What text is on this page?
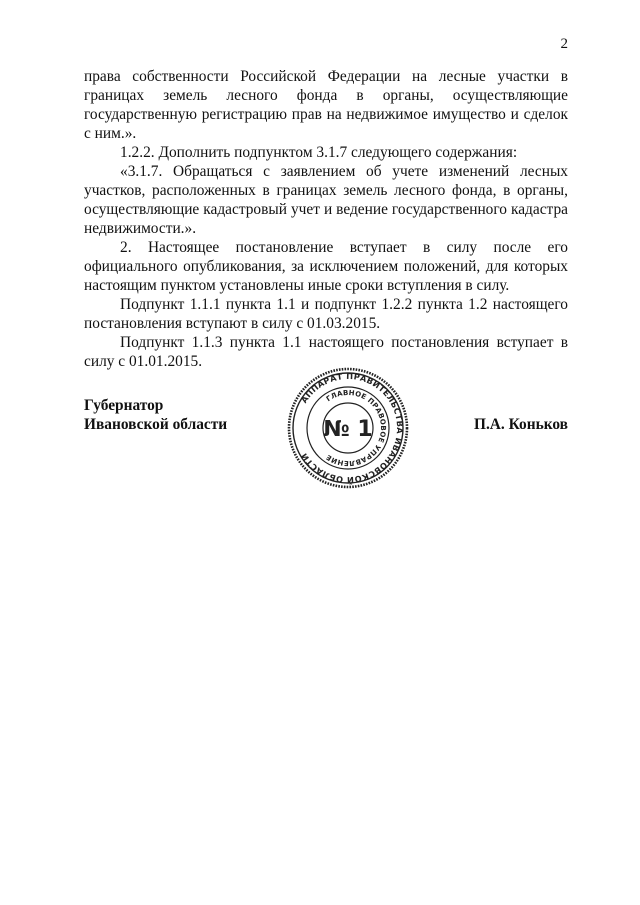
2

права собственности Российской Федерации на лесные участки в границах земель лесного фонда в органы, осуществляющие государственную регистрацию прав на недвижимое имущество и сделок с ним.».

1.2.2. Дополнить подпунктом 3.1.7 следующего содержания:

«3.1.7. Обращаться с заявлением об учете изменений лесных участков, расположенных в границах земель лесного фонда, в органы, осуществляющие кадастровый учет и ведение государственного кадастра недвижимости.».

2. Настоящее постановление вступает в силу после его официального опубликования, за исключением положений, для которых настоящим пунктом установлены иные сроки вступления в силу.

Подпункт 1.1.1 пункта 1.1 и подпункт 1.2.2 пункта 1.2 настоящего постановления вступают в силу с 01.03.2015.

Подпункт 1.1.3 пункта 1.1 настоящего постановления вступает в силу с 01.01.2015.

Губернатор
Ивановской области
АППАРАТ ПРАВИТЕЛЬСТВА ИВАНОВСКОЙ ОБЛАСТИ
ГЛАВНОЕ ПРАВОВОЕ УПРАВЛЕНИЕ
№ 1	П.А. Коньков
